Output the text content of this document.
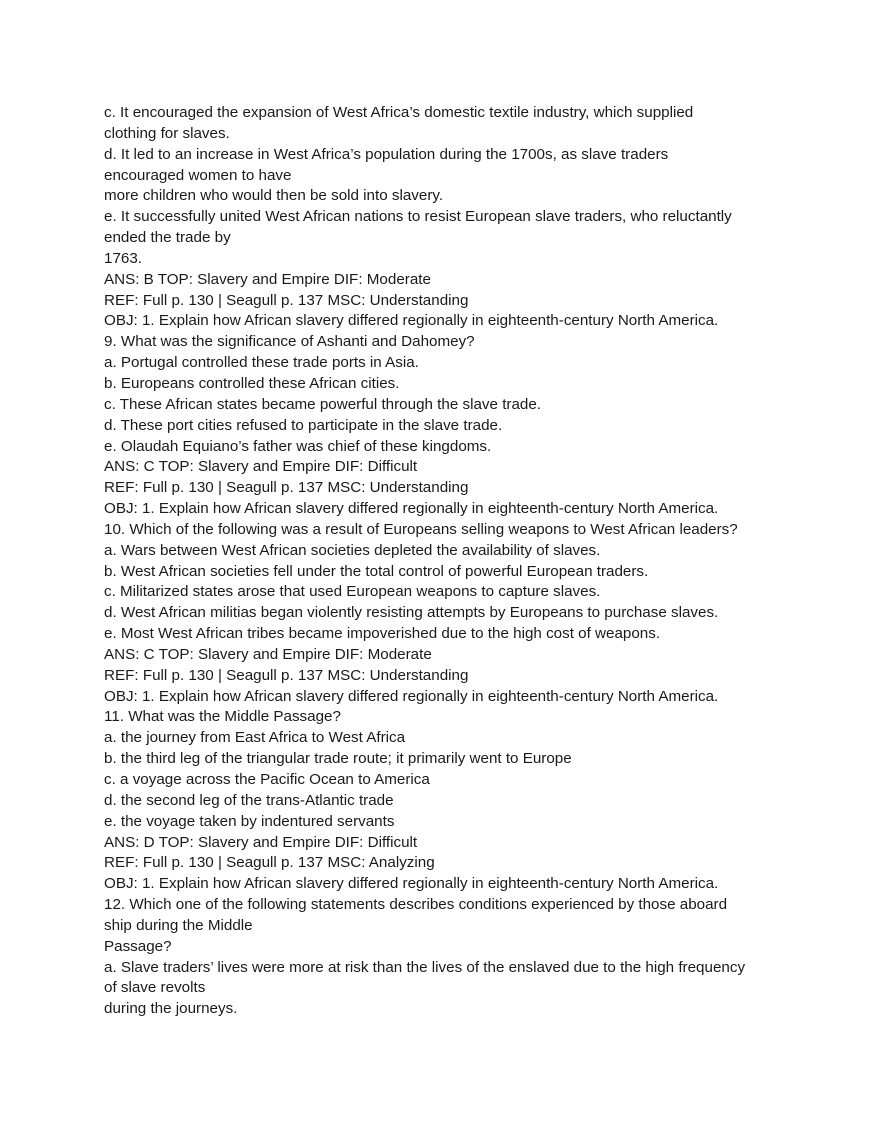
c. It encouraged the expansion of West Africa’s domestic textile industry, which supplied
clothing for slaves.
d. It led to an increase in West Africa’s population during the 1700s, as slave traders
encouraged women to have
more children who would then be sold into slavery.
e. It successfully united West African nations to resist European slave traders, who reluctantly
ended the trade by
1763.
ANS: B TOP: Slavery and Empire DIF: Moderate
REF: Full p. 130 | Seagull p. 137 MSC: Understanding
OBJ: 1. Explain how African slavery differed regionally in eighteenth-century North America.
9. What was the significance of Ashanti and Dahomey?
a. Portugal controlled these trade ports in Asia.
b. Europeans controlled these African cities.
c. These African states became powerful through the slave trade.
d. These port cities refused to participate in the slave trade.
e. Olaudah Equiano’s father was chief of these kingdoms.
ANS: C TOP: Slavery and Empire DIF: Difficult
REF: Full p. 130 | Seagull p. 137 MSC: Understanding
OBJ: 1. Explain how African slavery differed regionally in eighteenth-century North America.
10. Which of the following was a result of Europeans selling weapons to West African leaders?
a. Wars between West African societies depleted the availability of slaves.
b. West African societies fell under the total control of powerful European traders.
c. Militarized states arose that used European weapons to capture slaves.
d. West African militias began violently resisting attempts by Europeans to purchase slaves.
e. Most West African tribes became impoverished due to the high cost of weapons.
ANS: C TOP: Slavery and Empire DIF: Moderate
REF: Full p. 130 | Seagull p. 137 MSC: Understanding
OBJ: 1. Explain how African slavery differed regionally in eighteenth-century North America.
11. What was the Middle Passage?
a. the journey from East Africa to West Africa
b. the third leg of the triangular trade route; it primarily went to Europe
c. a voyage across the Pacific Ocean to America
d. the second leg of the trans-Atlantic trade
e. the voyage taken by indentured servants
ANS: D TOP: Slavery and Empire DIF: Difficult
REF: Full p. 130 | Seagull p. 137 MSC: Analyzing
OBJ: 1. Explain how African slavery differed regionally in eighteenth-century North America.
12. Which one of the following statements describes conditions experienced by those aboard
ship during the Middle
Passage?
a. Slave traders’ lives were more at risk than the lives of the enslaved due to the high frequency
of slave revolts
during the journeys.
